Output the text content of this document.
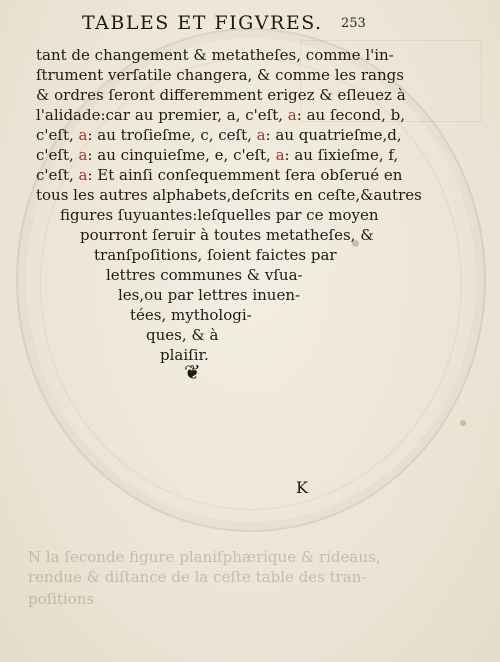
TABLES ET FIGVRES. 253
tant de changement & metatheſes, comme l'in-
ſtrument verſatile changera, & comme les rangs
& ordres ſeront differemment erigez & eſleuez à
l'alidade:car au premier, a, c'eſt, a: au ſecond, b,
c'eſt, a: au troſieſme, c, ceſt, a: au quatrieſme,d,
c'eſt, a: au cinquieſme, e, c'eſt, a: au ſixieſme, f,
c'eſt, a: Et ainſi conſequemment ſera obſerué en
tous les autres alphabets,deſcrits en ceſte,&autres
figures ſuyuantes:leſquelles par ce moyen
pourront ſeruir à toutes metatheſes, &
tranſpoſitions, ſoient faictes par
lettres communes & vſua-
les,ou par lettres inuen-
tées, mythologi-
ques, & à
plaiſir.
❦
K
N la ſeconde figure planiſphærique & rideaus,
rendue & diſtance de la ceſte table des tran-
poſitions
